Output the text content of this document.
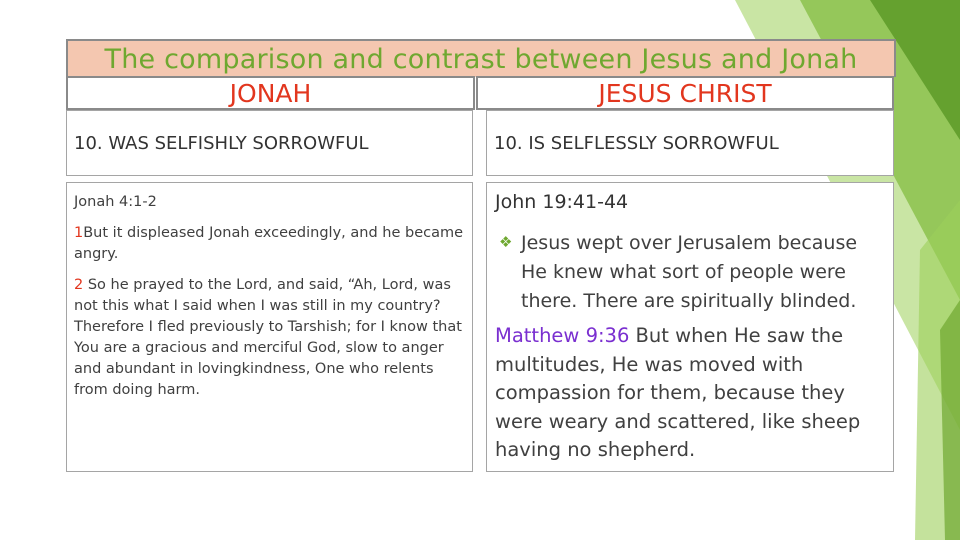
The comparison and contrast between Jesus and Jonah
JONAH	JESUS CHRIST
10. WAS SELFISHLY SORROWFUL	10. IS SELFLESSLY SORROWFUL

Jonah 4:1-2

1But it displeased Jonah exceedingly, and he became angry.

2 So he prayed to the Lord, and said, “Ah, Lord, was not this what I said when I was still in my country? Therefore I fled previously to Tarshish; for I know that You are a gracious and merciful God, slow to anger and abundant in lovingkindness, One who relents from doing harm.

John 19:41-44
❖ Jesus wept over Jerusalem because He knew what sort of people were there. There are spiritually blinded.
Matthew 9:36 But when He saw the multitudes, He was moved with compassion for them, because they were weary and scattered, like sheep having no shepherd.
